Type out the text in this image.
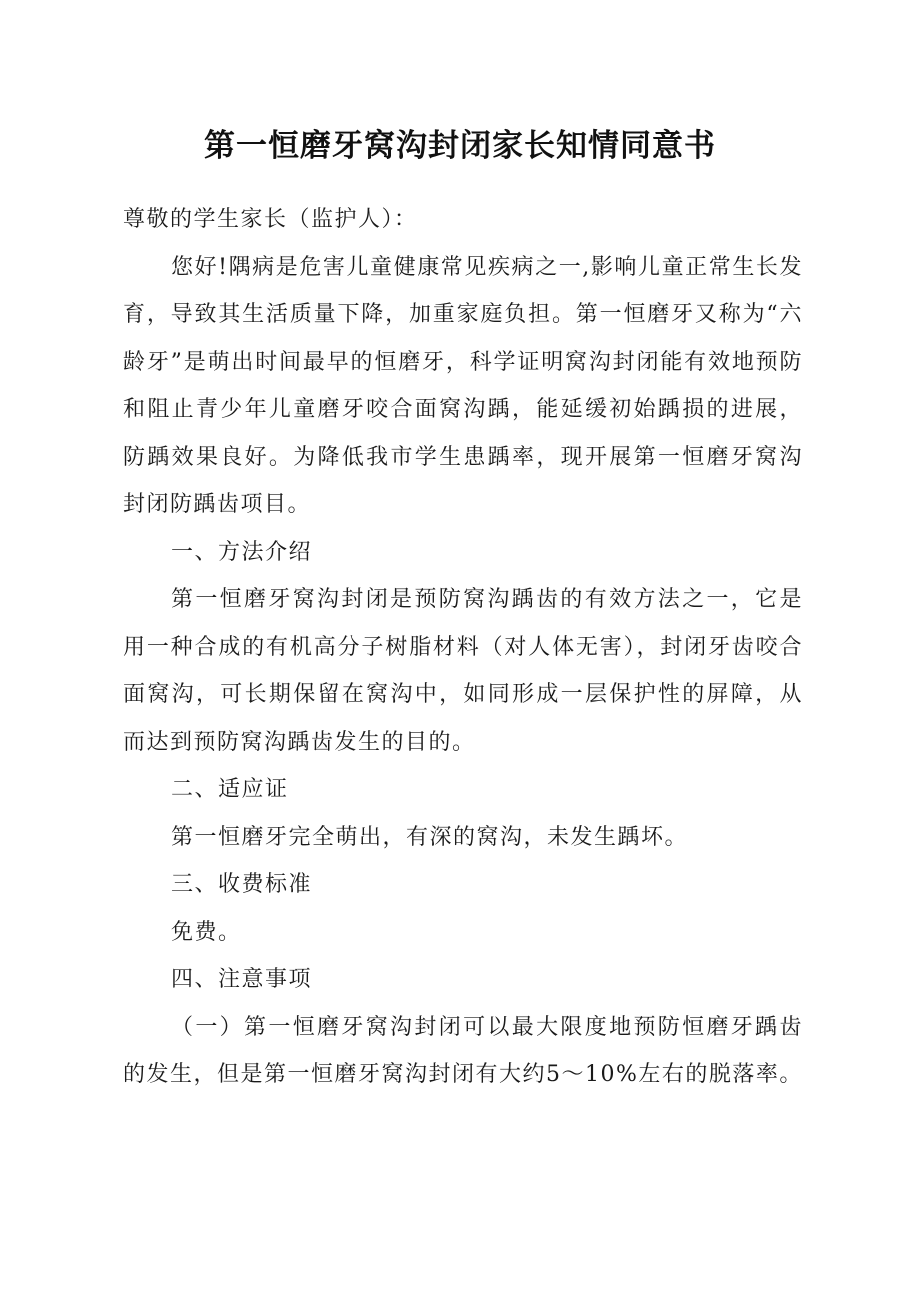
第一恒磨牙窝沟封闭家长知情同意书

尊敬的学生家长（监护人）：

您好!隅病是危害儿童健康常见疾病之一,影响儿童正常生长发育，导致其生活质量下降，加重家庭负担。第一恒磨牙又称为“六龄牙”是萌出时间最早的恒磨牙，科学证明窝沟封闭能有效地预防和阻止青少年儿童磨牙咬合面窝沟踽，能延缓初始踽损的进展，防踽效果良好。为降低我市学生患踽率，现开展第一恒磨牙窝沟封闭防踽齿项目。

一、方法介绍

第一恒磨牙窝沟封闭是预防窝沟踽齿的有效方法之一，它是用一种合成的有机高分子树脂材料（对人体无害），封闭牙齿咬合面窝沟，可长期保留在窝沟中，如同形成一层保护性的屏障，从而达到预防窝沟踽齿发生的目的。

二、适应证

第一恒磨牙完全萌出，有深的窝沟，未发生踽坏。

三、收费标准

免费。

四、注意事项

（一）第一恒磨牙窝沟封闭可以最大限度地预防恒磨牙踽齿的发生，但是第一恒磨牙窝沟封闭有大约5～10%左右的脱落率。
